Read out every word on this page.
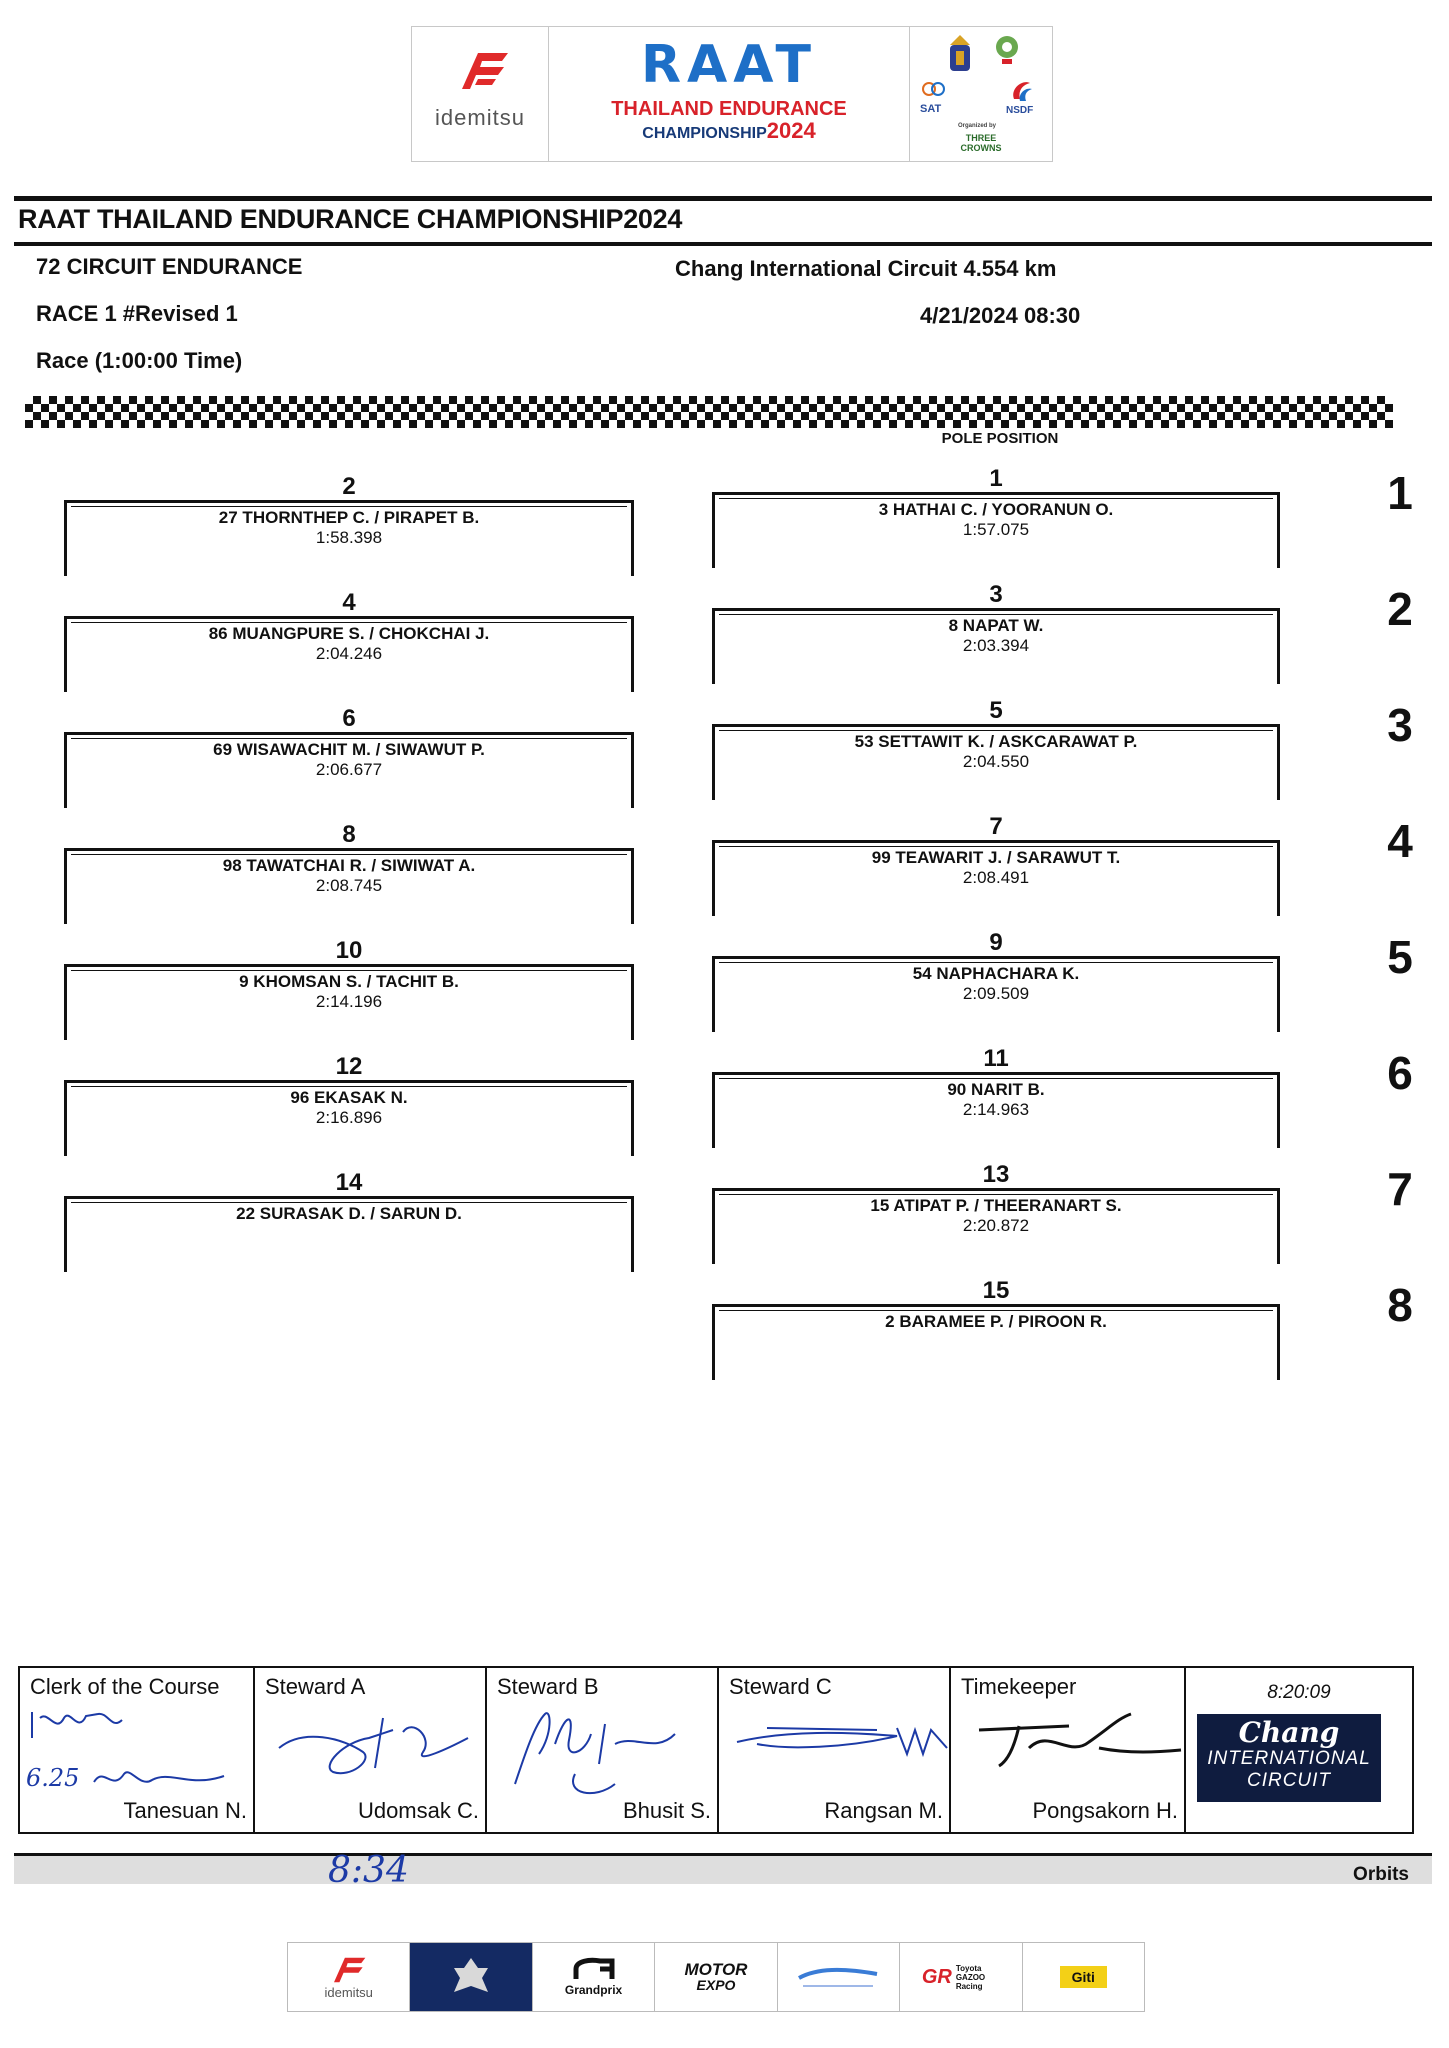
idemitsu
RAAT
THAILAND ENDURANCE
CHAMPIONSHIP2024
SAT	NSDF
Organized by
THREE CROWNS
RAAT THAILAND ENDURANCE CHAMPIONSHIP2024
72 CIRCUIT ENDURANCE	Chang International Circuit 4.554 km
RACE 1 #Revised 1	4/21/2024 08:30
Race (1:00:00 Time)
POLE POSITION
2
27 THORNTHEP C. / PIRAPET B.
1:58.398
4
86 MUANGPURE S. / CHOKCHAI J.
2:04.246
6
69 WISAWACHIT M. / SIWAWUT P.
2:06.677
8
98 TAWATCHAI R. / SIWIWAT A.
2:08.745
10
9 KHOMSAN S. / TACHIT B.
2:14.196
12
96 EKASAK N.
2:16.896
14
22 SURASAK D. / SARUN D.
1
3 HATHAI C. / YOORANUN O.
1:57.075
3
8 NAPAT W.
2:03.394
5
53 SETTAWIT K. / ASKCARAWAT P.
2:04.550
7
99 TEAWARIT J. / SARAWUT T.
2:08.491
9
54 NAPHACHARA K.
2:09.509
11
90 NARIT B.
2:14.963
13
15 ATIPAT P. / THEERANART S.
2:20.872
15
2 BARAMEE P. / PIROON R.
1
2
3
4
5
6
7
8
Clerk of the Course
6.25
Tanesuan N.
Steward A
Udomsak C.
Steward B
Bhusit S.
Steward C
Rangsan M.
Timekeeper
Pongsakorn H.
8:20:09
Chang
INTERNATIONAL
CIRCUIT
8:34	Orbits
idemitsu	Grandprix
MOTOR
EXPO	GR Toyota GAZOO Racing
Giti
